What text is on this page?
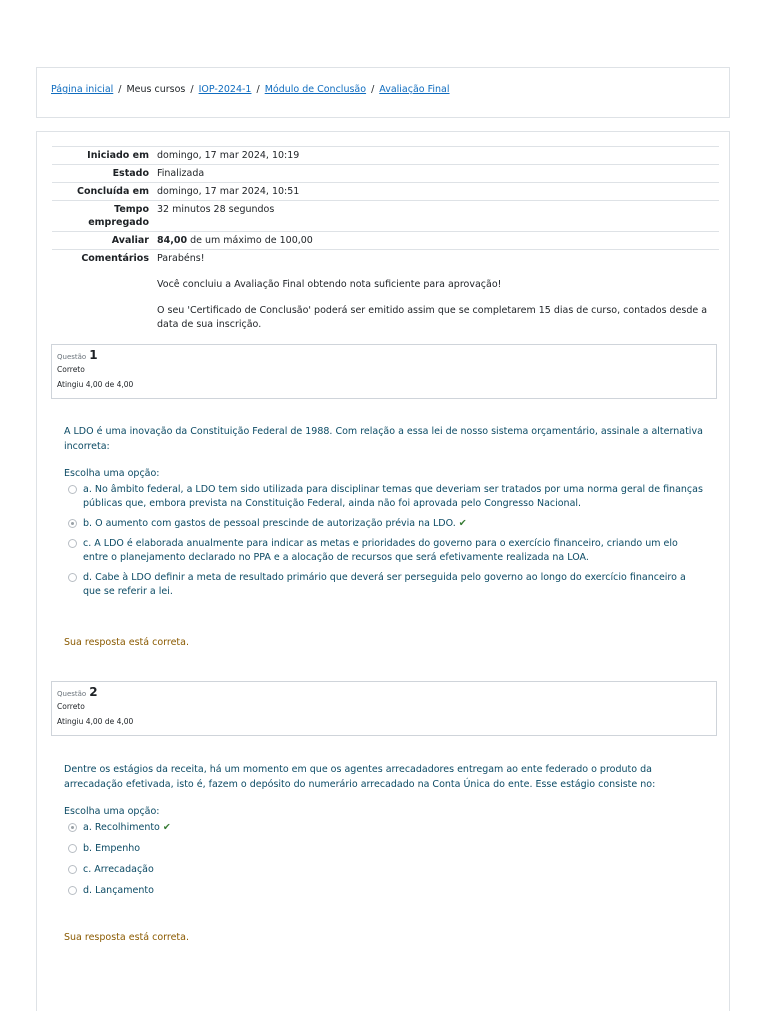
Página inicial / Meus cursos / IOP-2024-1 / Módulo de Conclusão / Avaliação Final
Iniciado em	domingo, 17 mar 2024, 10:19
Estado	Finalizada
Concluída em	domingo, 17 mar 2024, 10:51
Tempo empregado	32 minutos 28 segundos
Avaliar	84,00 de um máximo de 100,00
Comentários	Parabéns!

Você concluiu a Avaliação Final obtendo nota suficiente para aprovação!

O seu 'Certificado de Conclusão' poderá ser emitido assim que se completarem 15 dias de curso, contados desde a data de sua inscrição.

Questão 1
Correto
Atingiu 4,00 de 4,00
A LDO é uma inovação da Constituição Federal de 1988. Com relação a essa lei de nosso sistema orçamentário, assinale a alternativa incorreta:
Escolha uma opção:
a. No âmbito federal, a LDO tem sido utilizada para disciplinar temas que deveriam ser tratados por uma norma geral de finanças públicas que, embora prevista na Constituição Federal, ainda não foi aprovada pelo Congresso Nacional.
b. O aumento com gastos de pessoal prescinde de autorização prévia na LDO. ✔
c. A LDO é elaborada anualmente para indicar as metas e prioridades do governo para o exercício financeiro, criando um elo entre o planejamento declarado no PPA e a alocação de recursos que será efetivamente realizada na LOA.
d. Cabe à LDO definir a meta de resultado primário que deverá ser perseguida pelo governo ao longo do exercício financeiro a que se referir a lei.
Sua resposta está correta.
Questão 2
Correto
Atingiu 4,00 de 4,00
Dentre os estágios da receita, há um momento em que os agentes arrecadadores entregam ao ente federado o produto da arrecadação efetivada, isto é, fazem o depósito do numerário arrecadado na Conta Única do ente. Esse estágio consiste no:
Escolha uma opção:
a. Recolhimento ✔
b. Empenho
c. Arrecadação
d. Lançamento
Sua resposta está correta.
